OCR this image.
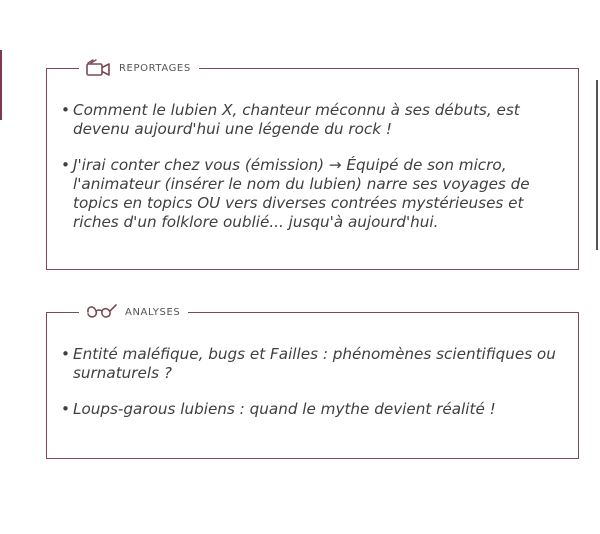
REPORTAGES
• Comment le lubien X, chanteur méconnu à ses débuts, est devenu aujourd'hui une légende du rock !
• J'irai conter chez vous (émission) → Équipé de son micro, l'animateur (insérer le nom du lubien) narre ses voyages de topics en topics OU vers diverses contrées mystérieuses et riches d'un folklore oublié... jusqu'à aujourd'hui.
ANALYSES
• Entité maléfique, bugs et Failles : phénomènes scientifiques ou surnaturels ?
• Loups-garous lubiens : quand le mythe devient réalité !
